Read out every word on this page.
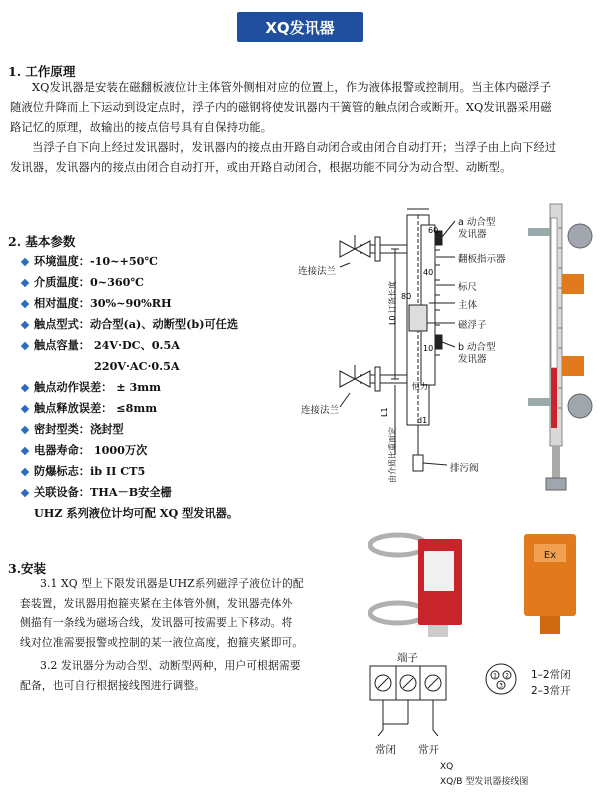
XQ发讯器
1. 工作原理
XQ发讯器是安装在磁翻板液位计主体管外侧相对应的位置上，作为液体报警或控制用。当主体内磁浮子
随液位升降而上下运动到设定点时，浮子内的磁钢将使发讯器内干簧管的触点闭合或断开。XQ发讯器采用磁
路记忆的原理，故输出的接点信号具有自保持功能。
当浮子自下向上经过发讯器时，发讯器内的接点由开路自动闭合或由闭合自动打开；当浮子由上向下经过
发讯器，发讯器内的接点由闭合自动打开，或由开路自动闭合，根据功能不同分为动合型、动断型。
2. 基本参数
环境温度：-10~+50℃
介质温度：0~360℃
相对温度：30%~90%RH
触点型式：动合型(a)、动断型(b)可任选
触点容量： 24V·DC、0.5A
220V·AC·0.5A
触点动作误差： ± 3mm
触点释放误差： ≤8mm
密封型类：浇封型
电器寿命： 1000万次
防爆标志：ib II CT5
关联设备：THA－B安全栅
UHZ 系列液位计均可配 XQ 型发讯器。
L0 订货长度 80
60
40
10
d1
L1
由介质比重而定
恒力
a 动合型
发讯器
翻板指示器
标尺
主体
磁浮子
b 动合型
发讯器
连接法兰
连接法兰
排污阀
3.安装
3.1 XQ 型上下限发讯器是UHZ系列磁浮子液位计的配
套装置，发讯器用抱箍夹紧在主体管外侧，发讯器壳体外
侧描有一条线为磁场合线，发讯器可按需要上下移动。将
线对位准需要报警或控制的某一液位高度，抱箍夹紧即可。
3.2 发讯器分为动合型、动断型两种，用户可根据需要
配备，也可自行根据接线图进行调整。
Ex
端子
常闭 常开
1 2
3
1–2常闭
2–3常开
XQ
XQ/B 型发讯器接线图
